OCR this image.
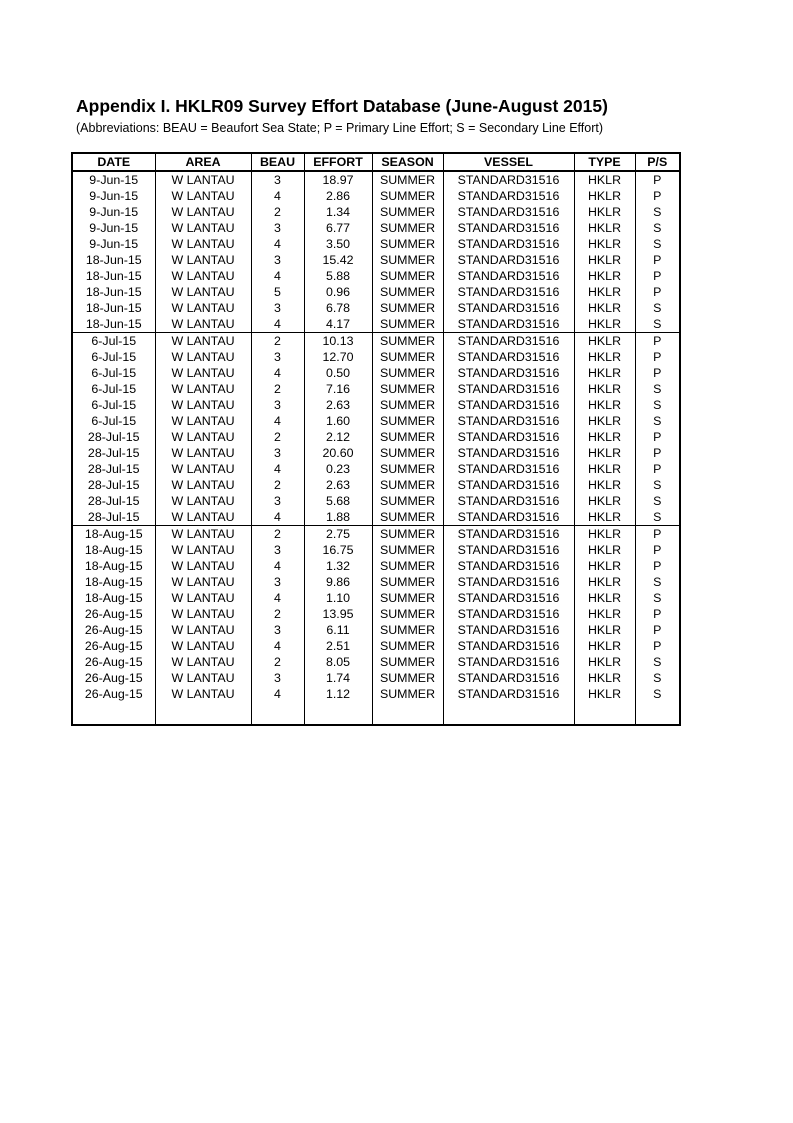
Appendix I. HKLR09 Survey Effort Database (June-August 2015)

(Abbreviations: BEAU = Beaufort Sea State; P = Primary Line Effort; S = Secondary Line Effort)

DATE	AREA	BEAU	EFFORT	SEASON	VESSEL	TYPE	P/S
9-Jun-15	W LANTAU	3	18.97	SUMMER	STANDARD31516	HKLR	P
9-Jun-15	W LANTAU	4	2.86	SUMMER	STANDARD31516	HKLR	P
9-Jun-15	W LANTAU	2	1.34	SUMMER	STANDARD31516	HKLR	S
9-Jun-15	W LANTAU	3	6.77	SUMMER	STANDARD31516	HKLR	S
9-Jun-15	W LANTAU	4	3.50	SUMMER	STANDARD31516	HKLR	S
18-Jun-15	W LANTAU	3	15.42	SUMMER	STANDARD31516	HKLR	P
18-Jun-15	W LANTAU	4	5.88	SUMMER	STANDARD31516	HKLR	P
18-Jun-15	W LANTAU	5	0.96	SUMMER	STANDARD31516	HKLR	P
18-Jun-15	W LANTAU	3	6.78	SUMMER	STANDARD31516	HKLR	S
18-Jun-15	W LANTAU	4	4.17	SUMMER	STANDARD31516	HKLR	S
6-Jul-15	W LANTAU	2	10.13	SUMMER	STANDARD31516	HKLR	P
6-Jul-15	W LANTAU	3	12.70	SUMMER	STANDARD31516	HKLR	P
6-Jul-15	W LANTAU	4	0.50	SUMMER	STANDARD31516	HKLR	P
6-Jul-15	W LANTAU	2	7.16	SUMMER	STANDARD31516	HKLR	S
6-Jul-15	W LANTAU	3	2.63	SUMMER	STANDARD31516	HKLR	S
6-Jul-15	W LANTAU	4	1.60	SUMMER	STANDARD31516	HKLR	S
28-Jul-15	W LANTAU	2	2.12	SUMMER	STANDARD31516	HKLR	P
28-Jul-15	W LANTAU	3	20.60	SUMMER	STANDARD31516	HKLR	P
28-Jul-15	W LANTAU	4	0.23	SUMMER	STANDARD31516	HKLR	P
28-Jul-15	W LANTAU	2	2.63	SUMMER	STANDARD31516	HKLR	S
28-Jul-15	W LANTAU	3	5.68	SUMMER	STANDARD31516	HKLR	S
28-Jul-15	W LANTAU	4	1.88	SUMMER	STANDARD31516	HKLR	S
18-Aug-15	W LANTAU	2	2.75	SUMMER	STANDARD31516	HKLR	P
18-Aug-15	W LANTAU	3	16.75	SUMMER	STANDARD31516	HKLR	P
18-Aug-15	W LANTAU	4	1.32	SUMMER	STANDARD31516	HKLR	P
18-Aug-15	W LANTAU	3	9.86	SUMMER	STANDARD31516	HKLR	S
18-Aug-15	W LANTAU	4	1.10	SUMMER	STANDARD31516	HKLR	S
26-Aug-15	W LANTAU	2	13.95	SUMMER	STANDARD31516	HKLR	P
26-Aug-15	W LANTAU	3	6.11	SUMMER	STANDARD31516	HKLR	P
26-Aug-15	W LANTAU	4	2.51	SUMMER	STANDARD31516	HKLR	P
26-Aug-15	W LANTAU	2	8.05	SUMMER	STANDARD31516	HKLR	S
26-Aug-15	W LANTAU	3	1.74	SUMMER	STANDARD31516	HKLR	S
26-Aug-15	W LANTAU	4	1.12	SUMMER	STANDARD31516	HKLR	S
